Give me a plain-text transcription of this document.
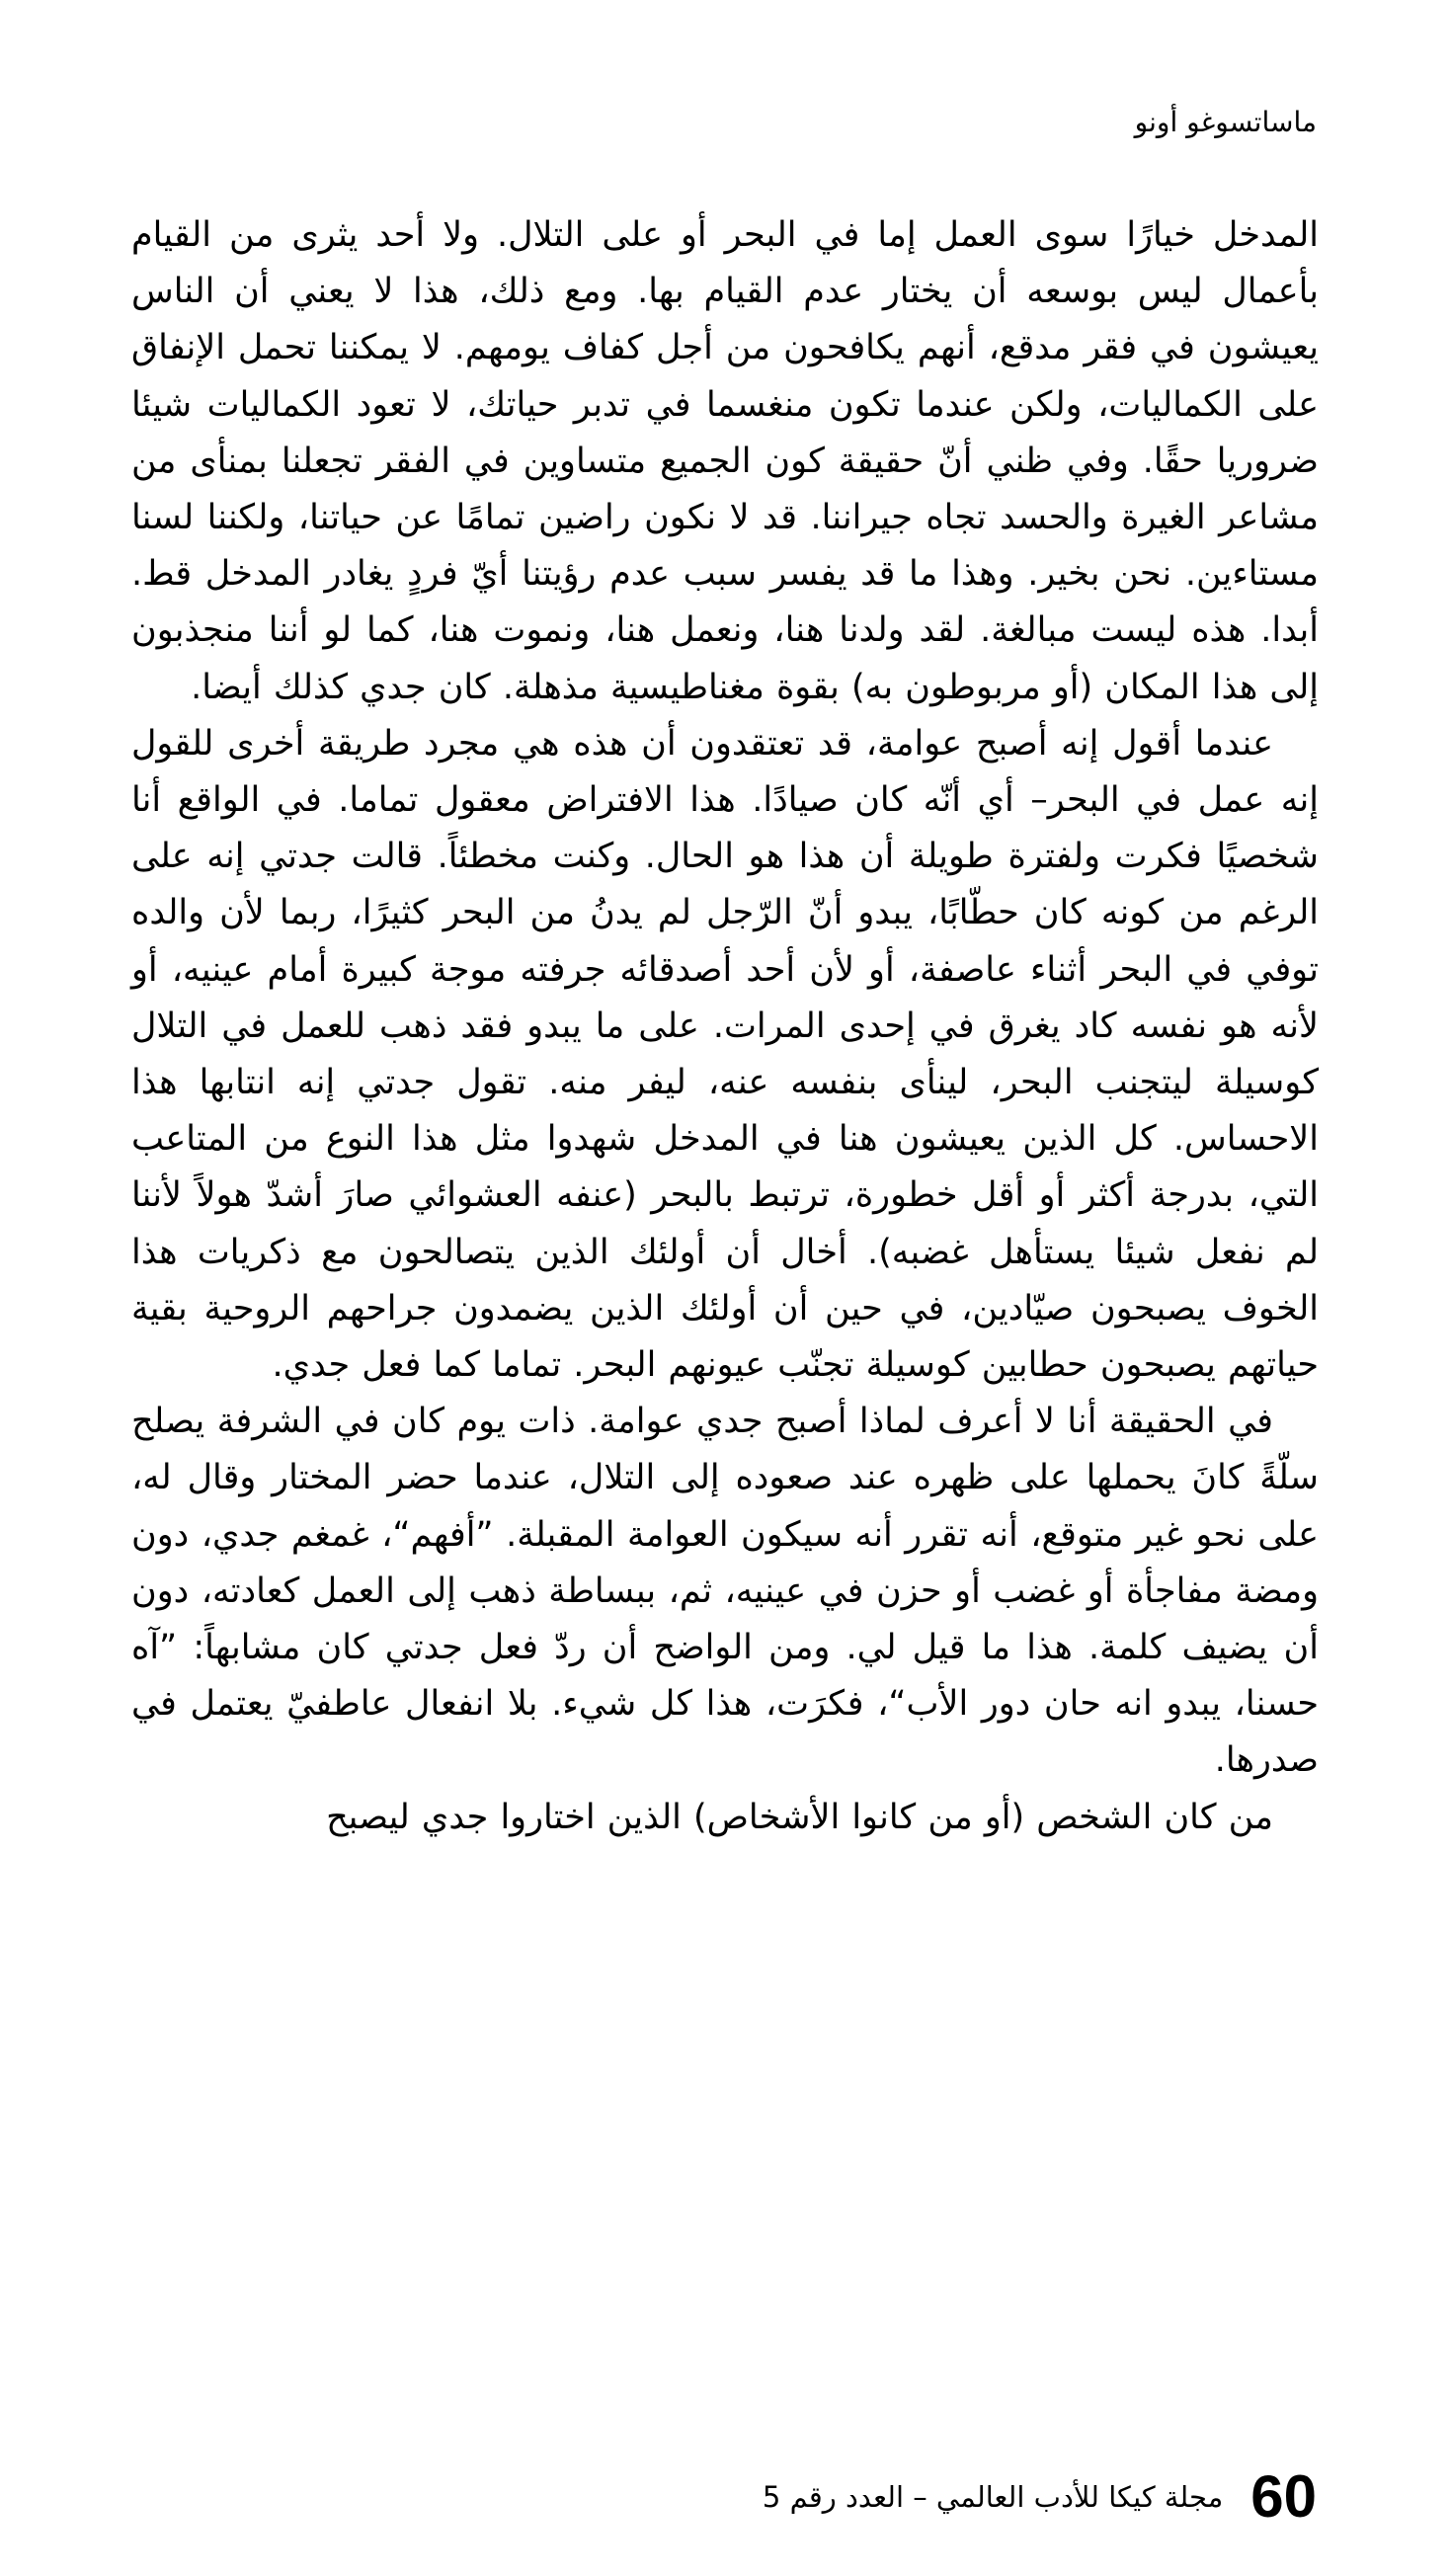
ماساتسوغو أونو

المدخل خيارًا سوى العمل إما في البحر أو على التلال. ولا أحد يثرى من القيام بأعمال ليس بوسعه أن يختار عدم القيام بها. ومع ذلك، هذا لا يعني أن الناس يعيشون في فقر مدقع، أنهم يكافحون من أجل كفاف يومهم. لا يمكننا تحمل الإنفاق على الكماليات، ولكن عندما تكون منغسما في تدبر حياتك، لا تعود الكماليات شيئا ضروريا حقًا. وفي ظني أنّ حقيقة كون الجميع متساوين في الفقر تجعلنا بمنأى من مشاعر الغيرة والحسد تجاه جيراننا. قد لا نكون راضين تمامًا عن حياتنا، ولكننا لسنا مستاءين. نحن بخير. وهذا ما قد يفسر سبب عدم رؤيتنا أيّ فردٍ يغادر المدخل قط. أبدا. هذه ليست مبالغة. لقد ولدنا هنا، ونعمل هنا، ونموت هنا، كما لو أننا منجذبون إلى هذا المكان (أو مربوطون به) بقوة مغناطيسية مذهلة. كان جدي كذلك أيضا.

عندما أقول إنه أصبح عوامة، قد تعتقدون أن هذه هي مجرد طريقة أخرى للقول إنه عمل في البحر– أي أنّه كان صيادًا. هذا الافتراض معقول تماما. في الواقع أنا شخصيًا فكرت ولفترة طويلة أن هذا هو الحال. وكنت مخطئاً. قالت جدتي إنه على الرغم من كونه كان حطّابًا، يبدو أنّ الرّجل لم يدنُ من البحر كثيرًا، ربما لأن والده توفي في البحر أثناء عاصفة، أو لأن أحد أصدقائه جرفته موجة كبيرة أمام عينيه، أو لأنه هو نفسه كاد يغرق في إحدى المرات. على ما يبدو فقد ذهب للعمل في التلال كوسيلة ليتجنب البحر، لينأى بنفسه عنه، ليفر منه. تقول جدتي إنه انتابها هذا الاحساس. كل الذين يعيشون هنا في المدخل شهدوا مثل هذا النوع من المتاعب التي، بدرجة أكثر أو أقل خطورة، ترتبط بالبحر (عنفه العشوائي صارَ أشدّ هولاً لأننا لم نفعل شيئا يستأهل غضبه). أخال أن أولئك الذين يتصالحون مع ذكريات هذا الخوف يصبحون صيّادين، في حين أن أولئك الذين يضمدون جراحهم الروحية بقية حياتهم يصبحون حطابين كوسيلة تجنّب عيونهم البحر. تماما كما فعل جدي.

في الحقيقة أنا لا أعرف لماذا أصبح جدي عوامة. ذات يوم كان في الشرفة يصلح سلّةً كانَ يحملها على ظهره عند صعوده إلى التلال، عندما حضر المختار وقال له، على نحو غير متوقع، أنه تقرر أنه سيكون العوامة المقبلة. ”أفهم“، غمغم جدي، دون ومضة مفاجأة أو غضب أو حزن في عينيه، ثم، ببساطة ذهب إلى العمل كعادته، دون أن يضيف كلمة. هذا ما قيل لي. ومن الواضح أن ردّ فعل جدتي كان مشابهاً: ”آه حسنا، يبدو انه حان دور الأب“، فكرَت، هذا كل شيء. بلا انفعال عاطفيّ يعتمل في صدرها.

من كان الشخص (أو من كانوا الأشخاص) الذين اختاروا جدي ليصبح

60
مجلة كيكا للأدب العالمي – العدد رقم 5
